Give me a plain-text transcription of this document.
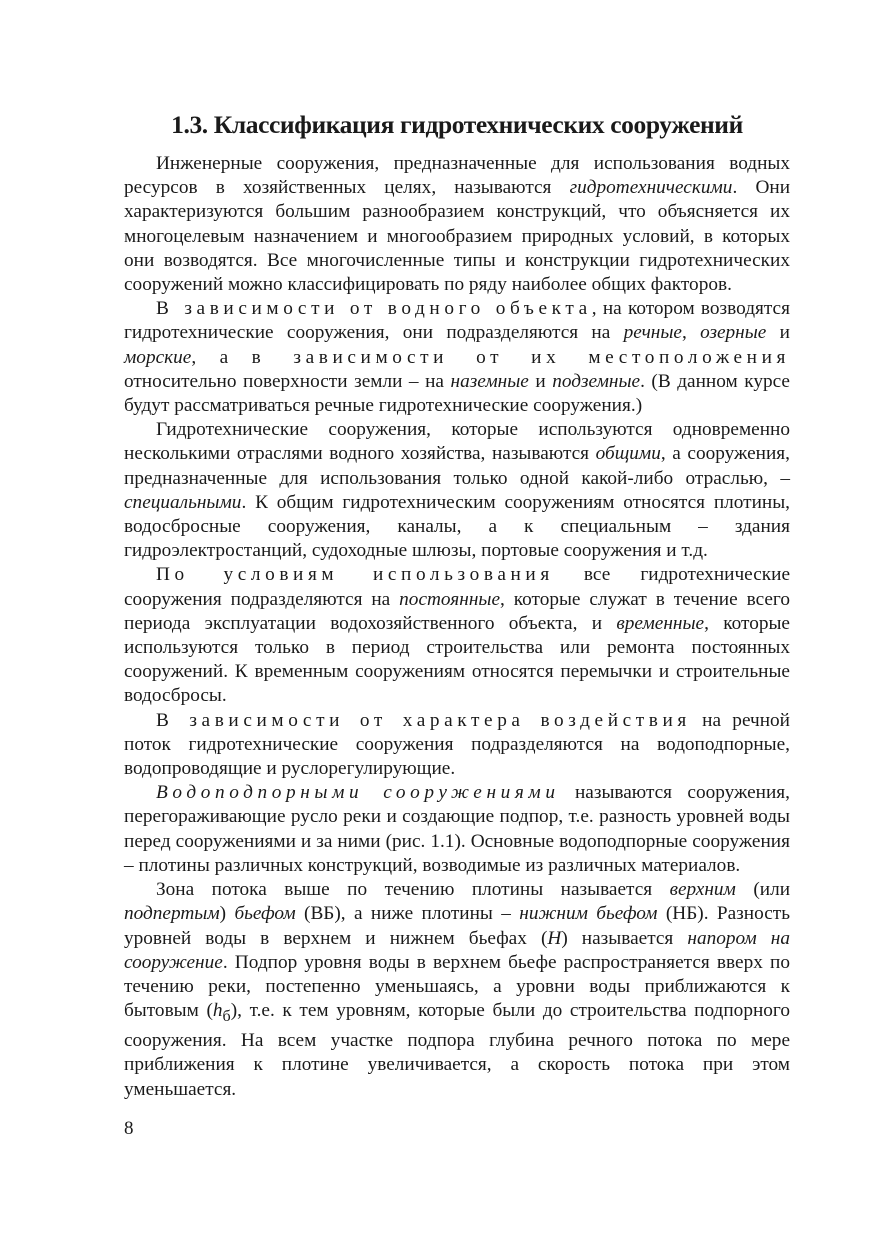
1.3. Классификация гидротехнических сооружений

Инженерные сооружения, предназначенные для использования водных ресурсов в хозяйственных целях, называются гидротехническими. Они характеризуются большим разнообразием конструкций, что объясняется их многоцелевым назначением и многообразием природных условий, в которых они возводятся. Все многочисленные типы и конструкции гидротехнических сооружений можно классифицировать по ряду наиболее общих факторов.

В зависимости от водного объекта, на котором возводятся гидротехнические сооружения, они подразделяются на речные, озерные и морские, а в зависимости от их местоположения относительно поверхности земли – на наземные и подземные. (В данном курсе будут рассматриваться речные гидротехнические сооружения.)

Гидротехнические сооружения, которые используются одновременно несколькими отраслями водного хозяйства, называются общими, а сооружения, предназначенные для использования только одной какой-либо отраслью, – специальными. К общим гидротехническим сооружениям относятся плотины, водосбросные сооружения, каналы, а к специальным – здания гидроэлектростанций, судоходные шлюзы, портовые сооружения и т.д.

По условиям использования все гидротехнические сооружения подразделяются на постоянные, которые служат в течение всего периода эксплуатации водохозяйственного объекта, и временные, которые используются только в период строительства или ремонта постоянных сооружений. К временным сооружениям относятся перемычки и строительные водосбросы.

В зависимости от характера воздействия на речной поток гидротехнические сооружения подразделяются на водоподпорные, водопроводящие и руслорегулирующие.

Водоподпорными сооружениями называются сооружения, перегораживающие русло реки и создающие подпор, т.е. разность уровней воды перед сооружениями и за ними (рис. 1.1). Основные водоподпорные сооружения – плотины различных конструкций, возводимые из различных материалов.

Зона потока выше по течению плотины называется верхним (или подпертым) бьефом (ВБ), а ниже плотины – нижним бьефом (НБ). Разность уровней воды в верхнем и нижнем бьефах (H) называется напором на сооружение. Подпор уровня воды в верхнем бьефе распространяется вверх по течению реки, постепенно уменьшаясь, а уровни воды приближаются к бытовым $(h_б)$, т.е. к тем уровням, которые были до строительства подпорного сооружения. На всем участке подпора глубина речного потока по мере приближения к плотине увеличивается, а скорость потока при этом уменьшается.

8
